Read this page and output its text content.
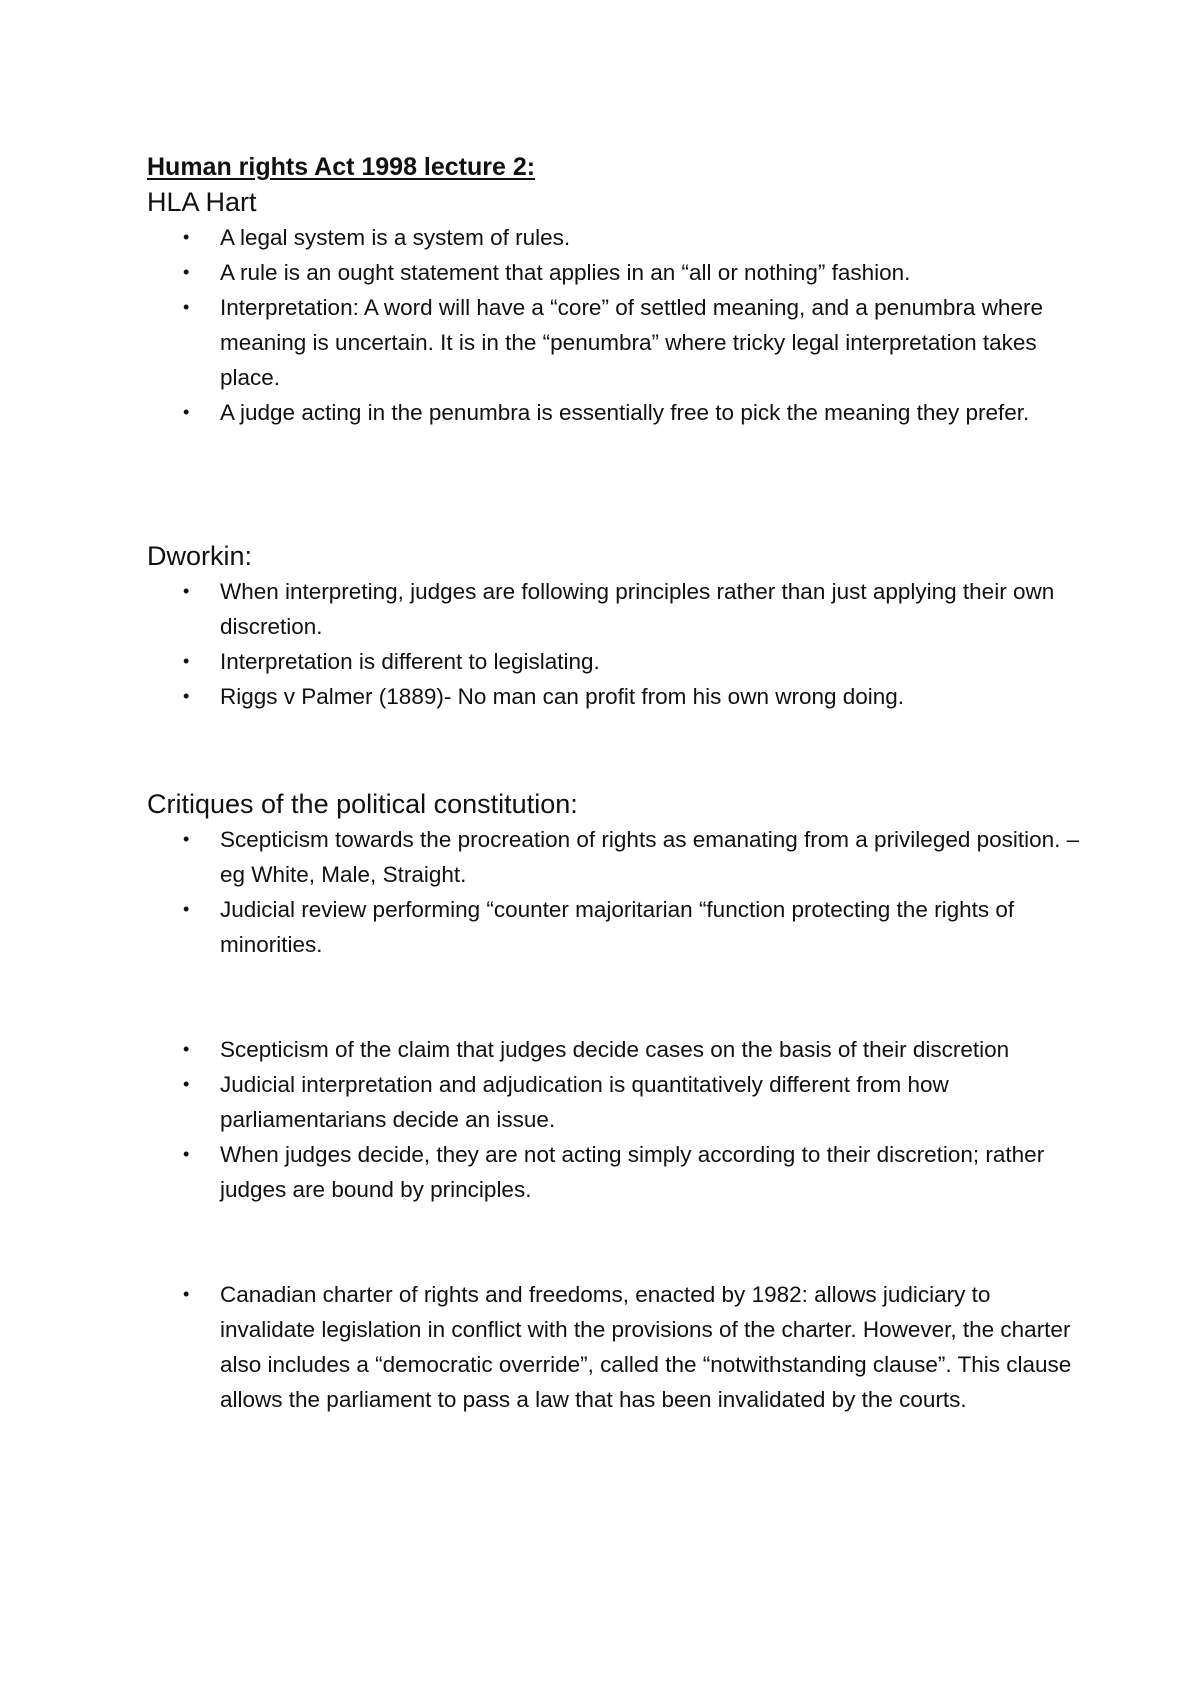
Human rights Act 1998 lecture 2:
HLA Hart
• A legal system is a system of rules.
• A rule is an ought statement that applies in an “all or nothing” fashion.
• Interpretation: A word will have a “core” of settled meaning, and a penumbra where meaning is uncertain. It is in the “penumbra” where tricky legal interpretation takes place.
• A judge acting in the penumbra is essentially free to pick the meaning they prefer.
Dworkin:
• When interpreting, judges are following principles rather than just applying their own discretion.
• Interpretation is different to legislating.
• Riggs v Palmer (1889)- No man can profit from his own wrong doing.
Critiques of the political constitution:
• Scepticism towards the procreation of rights as emanating from a privileged position. – eg White, Male, Straight.
• Judicial review performing “counter majoritarian “function protecting the rights of minorities.
• Scepticism of the claim that judges decide cases on the basis of their discretion
• Judicial interpretation and adjudication is quantitatively different from how parliamentarians decide an issue.
• When judges decide, they are not acting simply according to their discretion; rather judges are bound by principles.
• Canadian charter of rights and freedoms, enacted by 1982: allows judiciary to invalidate legislation in conflict with the provisions of the charter. However, the charter also includes a “democratic override”, called the “notwithstanding clause”. This clause allows the parliament to pass a law that has been invalidated by the courts.
